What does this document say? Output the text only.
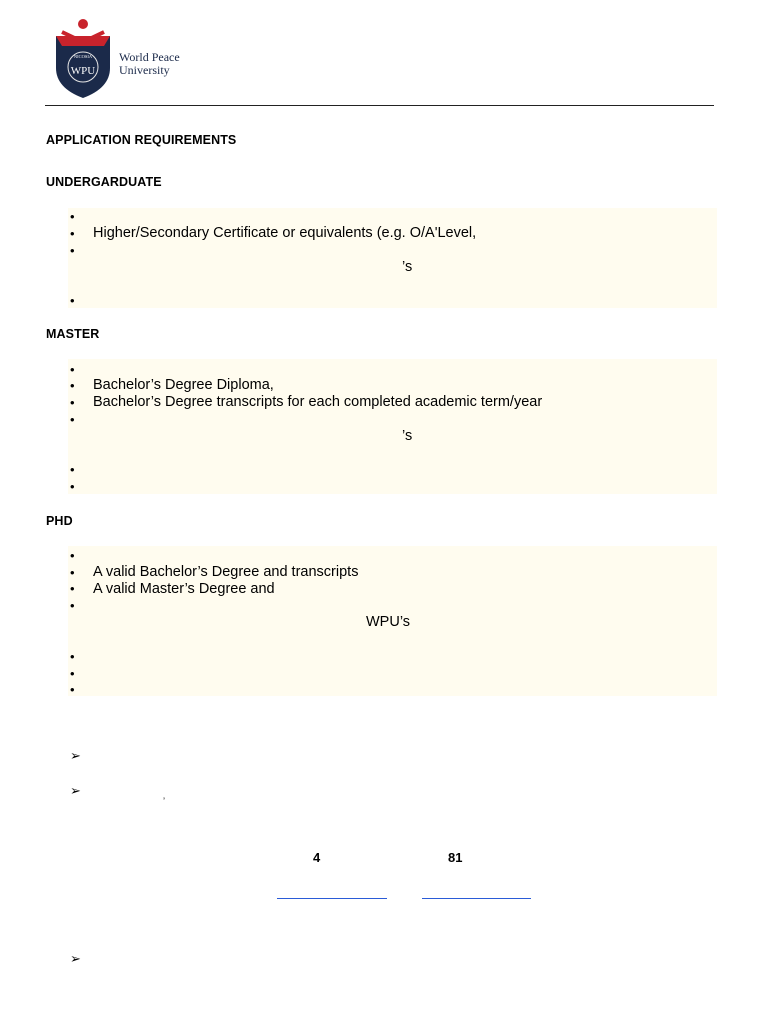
NICOSIA
WPU
World Peace
University
APPLICATION REQUIREMENTS
UNDERGARDUATE
•
• Higher/Secondary Certificate or equivalents (e.g. O/A'Level,
•
’s
•
MASTER
•
• Bachelor’s Degree Diploma,
• Bachelor’s Degree transcripts for each completed academic term/year
•
’s
•
•
PHD
•
• A valid Bachelor’s Degree and transcripts
• A valid Master’s Degree and
•
WPU’s
•
•
•
➢
➢
’
4	81
➢
